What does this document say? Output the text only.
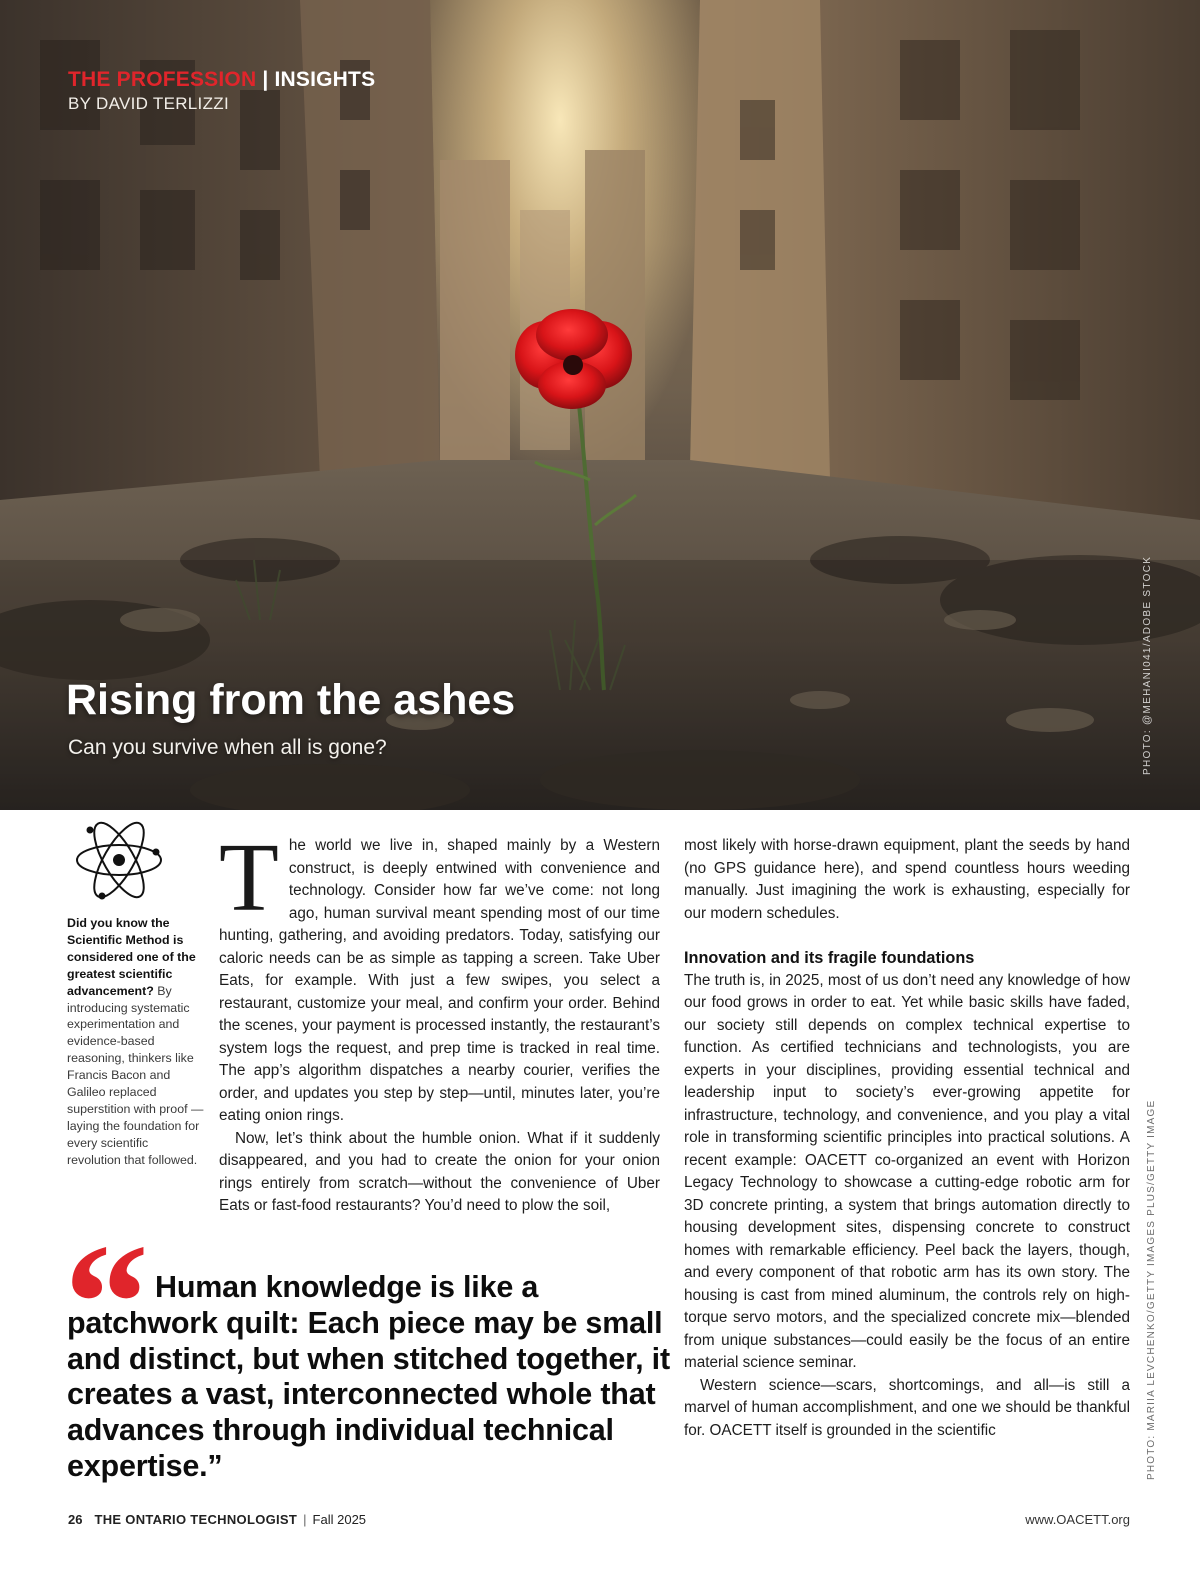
THE PROFESSION | INSIGHTS
BY DAVID TERLIZZI
Rising from the ashes
Can you survive when all is gone?	PHOTO: @MEHANI041/ADOBE STOCK
Did you know the Scientific Method is considered one of the greatest scientific advancement? By introducing systematic experimentation and evidence-based reasoning, thinkers like Francis Bacon and Galileo replaced superstition with proof — laying the foundation for every scientific revolution that followed.

The world we live in, shaped mainly by a Western construct, is deeply entwined with convenience and technology. Consider how far we’ve come: not long ago, human survival meant spending most of our time hunting, gathering, and avoiding predators. Today, satisfying our caloric needs can be as simple as tapping a screen. Take Uber Eats, for example. With just a few swipes, you select a restaurant, customize your meal, and confirm your order. Behind the scenes, your payment is processed instantly, the restaurant’s system logs the request, and prep time is tracked in real time. The app’s algorithm dispatches a nearby courier, verifies the order, and updates you step by step—until, minutes later, you’re eating onion rings.

Now, let’s think about the humble onion. What if it suddenly disappeared, and you had to create the onion for your onion rings entirely from scratch—without the convenience of Uber Eats or fast-food restaurants? You’d need to plow the soil,

most likely with horse-drawn equipment, plant the seeds by hand (no GPS guidance here), and spend countless hours weeding manually. Just imagining the work is exhausting, especially for our modern schedules.

Innovation and its fragile foundations

The truth is, in 2025, most of us don’t need any knowledge of how our food grows in order to eat. Yet while basic skills have faded, our society still depends on complex technical expertise to function. As certified technicians and technologists, you are experts in your disciplines, providing essential technical and leadership input to society’s ever-growing appetite for infrastructure, technology, and convenience, and you play a vital role in transforming scientific principles into practical solutions. A recent example: OACETT co-organized an event with Horizon Legacy Technology to showcase a cutting-edge robotic arm for 3D concrete printing, a system that brings automation directly to housing development sites, dispensing concrete to construct homes with remarkable efficiency. Peel back the layers, though, and every component of that robotic arm has its own story. The housing is cast from mined aluminum, the controls rely on high-torque servo motors, and the specialized concrete mix—blended from unique substances—could easily be the focus of an entire material science seminar.

Western science—scars, shortcomings, and all—is still a marvel of human accomplishment, and one we should be thankful for. OACETT itself is grounded in the scientific

“ Human knowledge is like a patchwork quilt: Each piece may be small and distinct, but when stitched together, it creates a vast, interconnected whole that advances through individual technical expertise.”	PHOTO: MARIIA LEVCHENKO/GETTY IMAGES PLUS/GETTY IMAGE
26 THE ONTARIO TECHNOLOGIST | Fall 2025	www.OACETT.org
